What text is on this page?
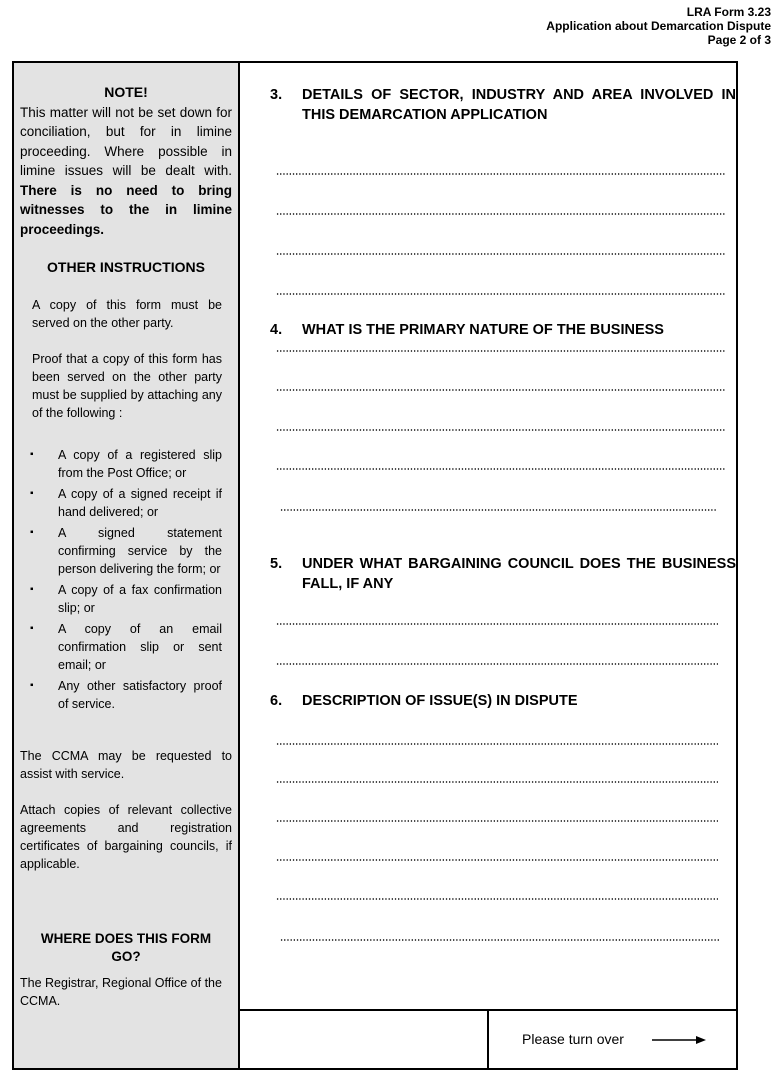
LRA Form 3.23
Application about Demarcation Dispute
Page 2 of 3
NOTE!
This matter will not be set down for conciliation, but for in limine proceeding. Where possible in limine issues will be dealt with. There is no need to bring witnesses to the in limine proceedings.
OTHER INSTRUCTIONS
A copy of this form must be served on the other party.
Proof that a copy of this form has been served on the other party must be supplied by attaching any of the following :
▪ A copy of a registered slip from the Post Office; or
▪ A copy of a signed receipt if hand delivered; or
▪ A signed statement confirming service by the person delivering the form; or
▪ A copy of a fax confirmation slip; or
▪ A copy of an email confirmation slip or sent email; or
▪ Any other satisfactory proof of service.
The CCMA may be requested to assist with service.
Attach copies of relevant collective agreements and registration certificates of bargaining councils, if applicable.
WHERE DOES THIS FORM GO?
The Registrar, Regional Office of the CCMA.
3. DETAILS OF SECTOR, INDUSTRY AND AREA INVOLVED IN THIS DEMARCATION APPLICATION
4. WHAT IS THE PRIMARY NATURE OF THE BUSINESS
5. UNDER WHAT BARGAINING COUNCIL DOES THE BUSINESS FALL, IF ANY
6. DESCRIPTION OF ISSUE(S) IN DISPUTE
Please turn over
